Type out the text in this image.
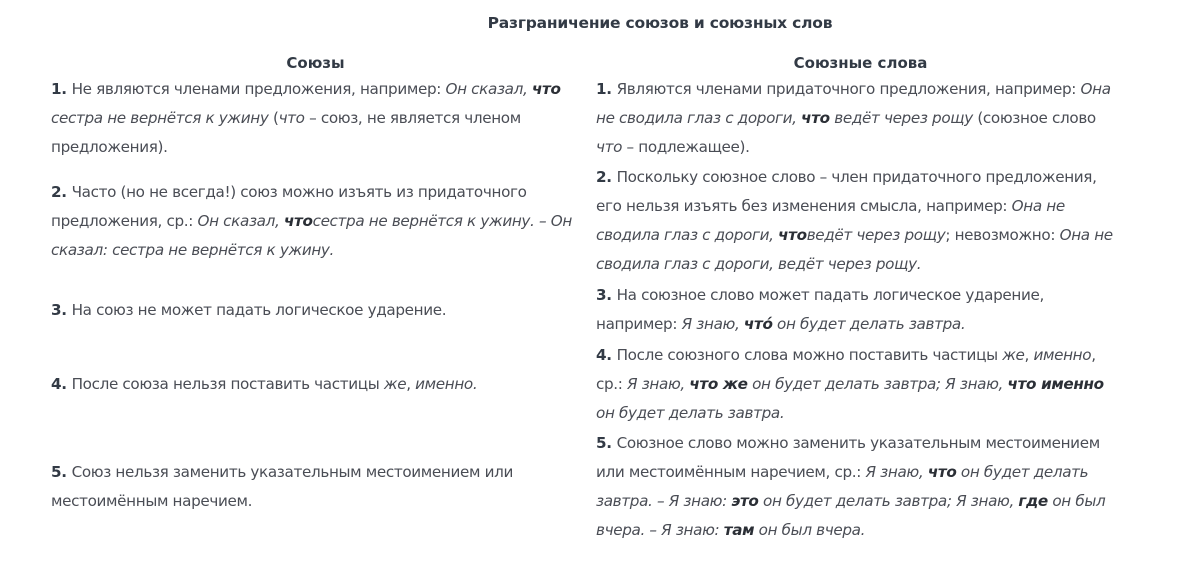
Разграничение союзов и союзных слов
Союзы	Союзные слова
1. Не являются членами предложения, например: Он сказал, что сестра не вернётся к ужину (что – союз, не является членом предложения).	1. Являются членами придаточного предложения, например: Она не сводила глаз с дороги, что ведёт через рощу (союзное слово что – подлежащее).
2. Часто (но не всегда!) союз можно изъять из придаточного предложения, ср.: Он сказал, чтосестра не вернётся к ужину. – Он сказал: сестра не вернётся к ужину.	2. Поскольку союзное слово – член придаточного предложения, его нельзя изъять без изменения смысла, например: Она не сводила глаз с дороги, чтоведёт через рощу; невозможно: Она не сводила глаз с дороги, ведёт через рощу.
3. На союз не может падать логическое ударение.	3. На союзное слово может падать логическое ударение, например: Я знаю, что́ он будет делать завтра.
4. После союза нельзя поставить частицы же, именно.	4. После союзного слова можно поставить частицы же, именно, ср.: Я знаю, что же он будет делать завтра; Я знаю, что именно он будет делать завтра.
5. Союз нельзя заменить указательным местоимением или местоимённым наречием.	5. Союзное слово можно заменить указательным местоимением или местоимённым наречием, ср.: Я знаю, что он будет делать завтра. – Я знаю: это он будет делать завтра; Я знаю, где он был вчера. – Я знаю: там он был вчера.
